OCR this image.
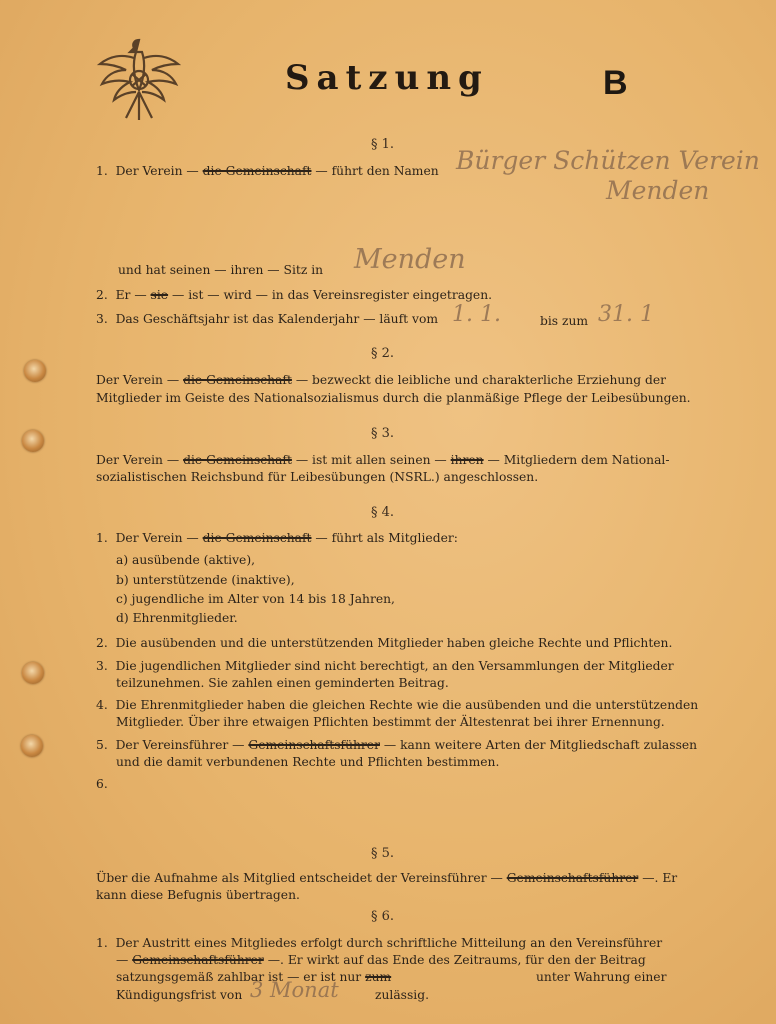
Satzung	B
§ 1.
1. Der Verein — die Gemeinschaft — führt den Namen Bürger Schützen Verein
Menden
und hat seinen — ihren — Sitz in Menden
2. Er — sie — ist — wird — in das Vereinsregister eingetragen.
3. Das Geschäftsjahr ist das Kalenderjahr — läuft vom 1. 1.	bis zum 31. 1
§ 2.
Der Verein — die Gemeinschaft — bezweckt die leibliche und charakterliche Erziehung der
Mitglieder im Geiste des Nationalsozialismus durch die planmäßige Pflege der Leibesübungen.
§ 3.
Der Verein — die Gemeinschaft — ist mit allen seinen — ihren — Mitgliedern dem National-
sozialistischen Reichsbund für Leibesübungen (NSRL.) angeschlossen.
§ 4.
1. Der Verein — die Gemeinschaft — führt als Mitglieder:
a) ausübende (aktive),
b) unterstützende (inaktive),
c) jugendliche im Alter von 14 bis 18 Jahren,
d) Ehrenmitglieder.
2. Die ausübenden und die unterstützenden Mitglieder haben gleiche Rechte und Pflichten.
3. Die jugendlichen Mitglieder sind nicht berechtigt, an den Versammlungen der Mitglieder
teilzunehmen. Sie zahlen einen geminderten Beitrag.
4. Die Ehrenmitglieder haben die gleichen Rechte wie die ausübenden und die unterstützenden
Mitglieder. Über ihre etwaigen Pflichten bestimmt der Ältestenrat bei ihrer Ernennung.
5. Der Vereinsführer — Gemeinschaftsführer — kann weitere Arten der Mitgliedschaft zulassen
und die damit verbundenen Rechte und Pflichten bestimmen.
6.
§ 5.
Über die Aufnahme als Mitglied entscheidet der Vereinsführer — Gemeinschaftsführer —. Er
kann diese Befugnis übertragen.
§ 6.
1. Der Austritt eines Mitgliedes erfolgt durch schriftliche Mitteilung an den Vereinsführer
— Gemeinschaftsführer —. Er wirkt auf das Ende des Zeitraums, für den der Beitrag
satzungsgemäß zahlbar ist — er ist nur zum	unter Wahrung einer
Kündigungsfrist von 3 Monat	zulässig.
